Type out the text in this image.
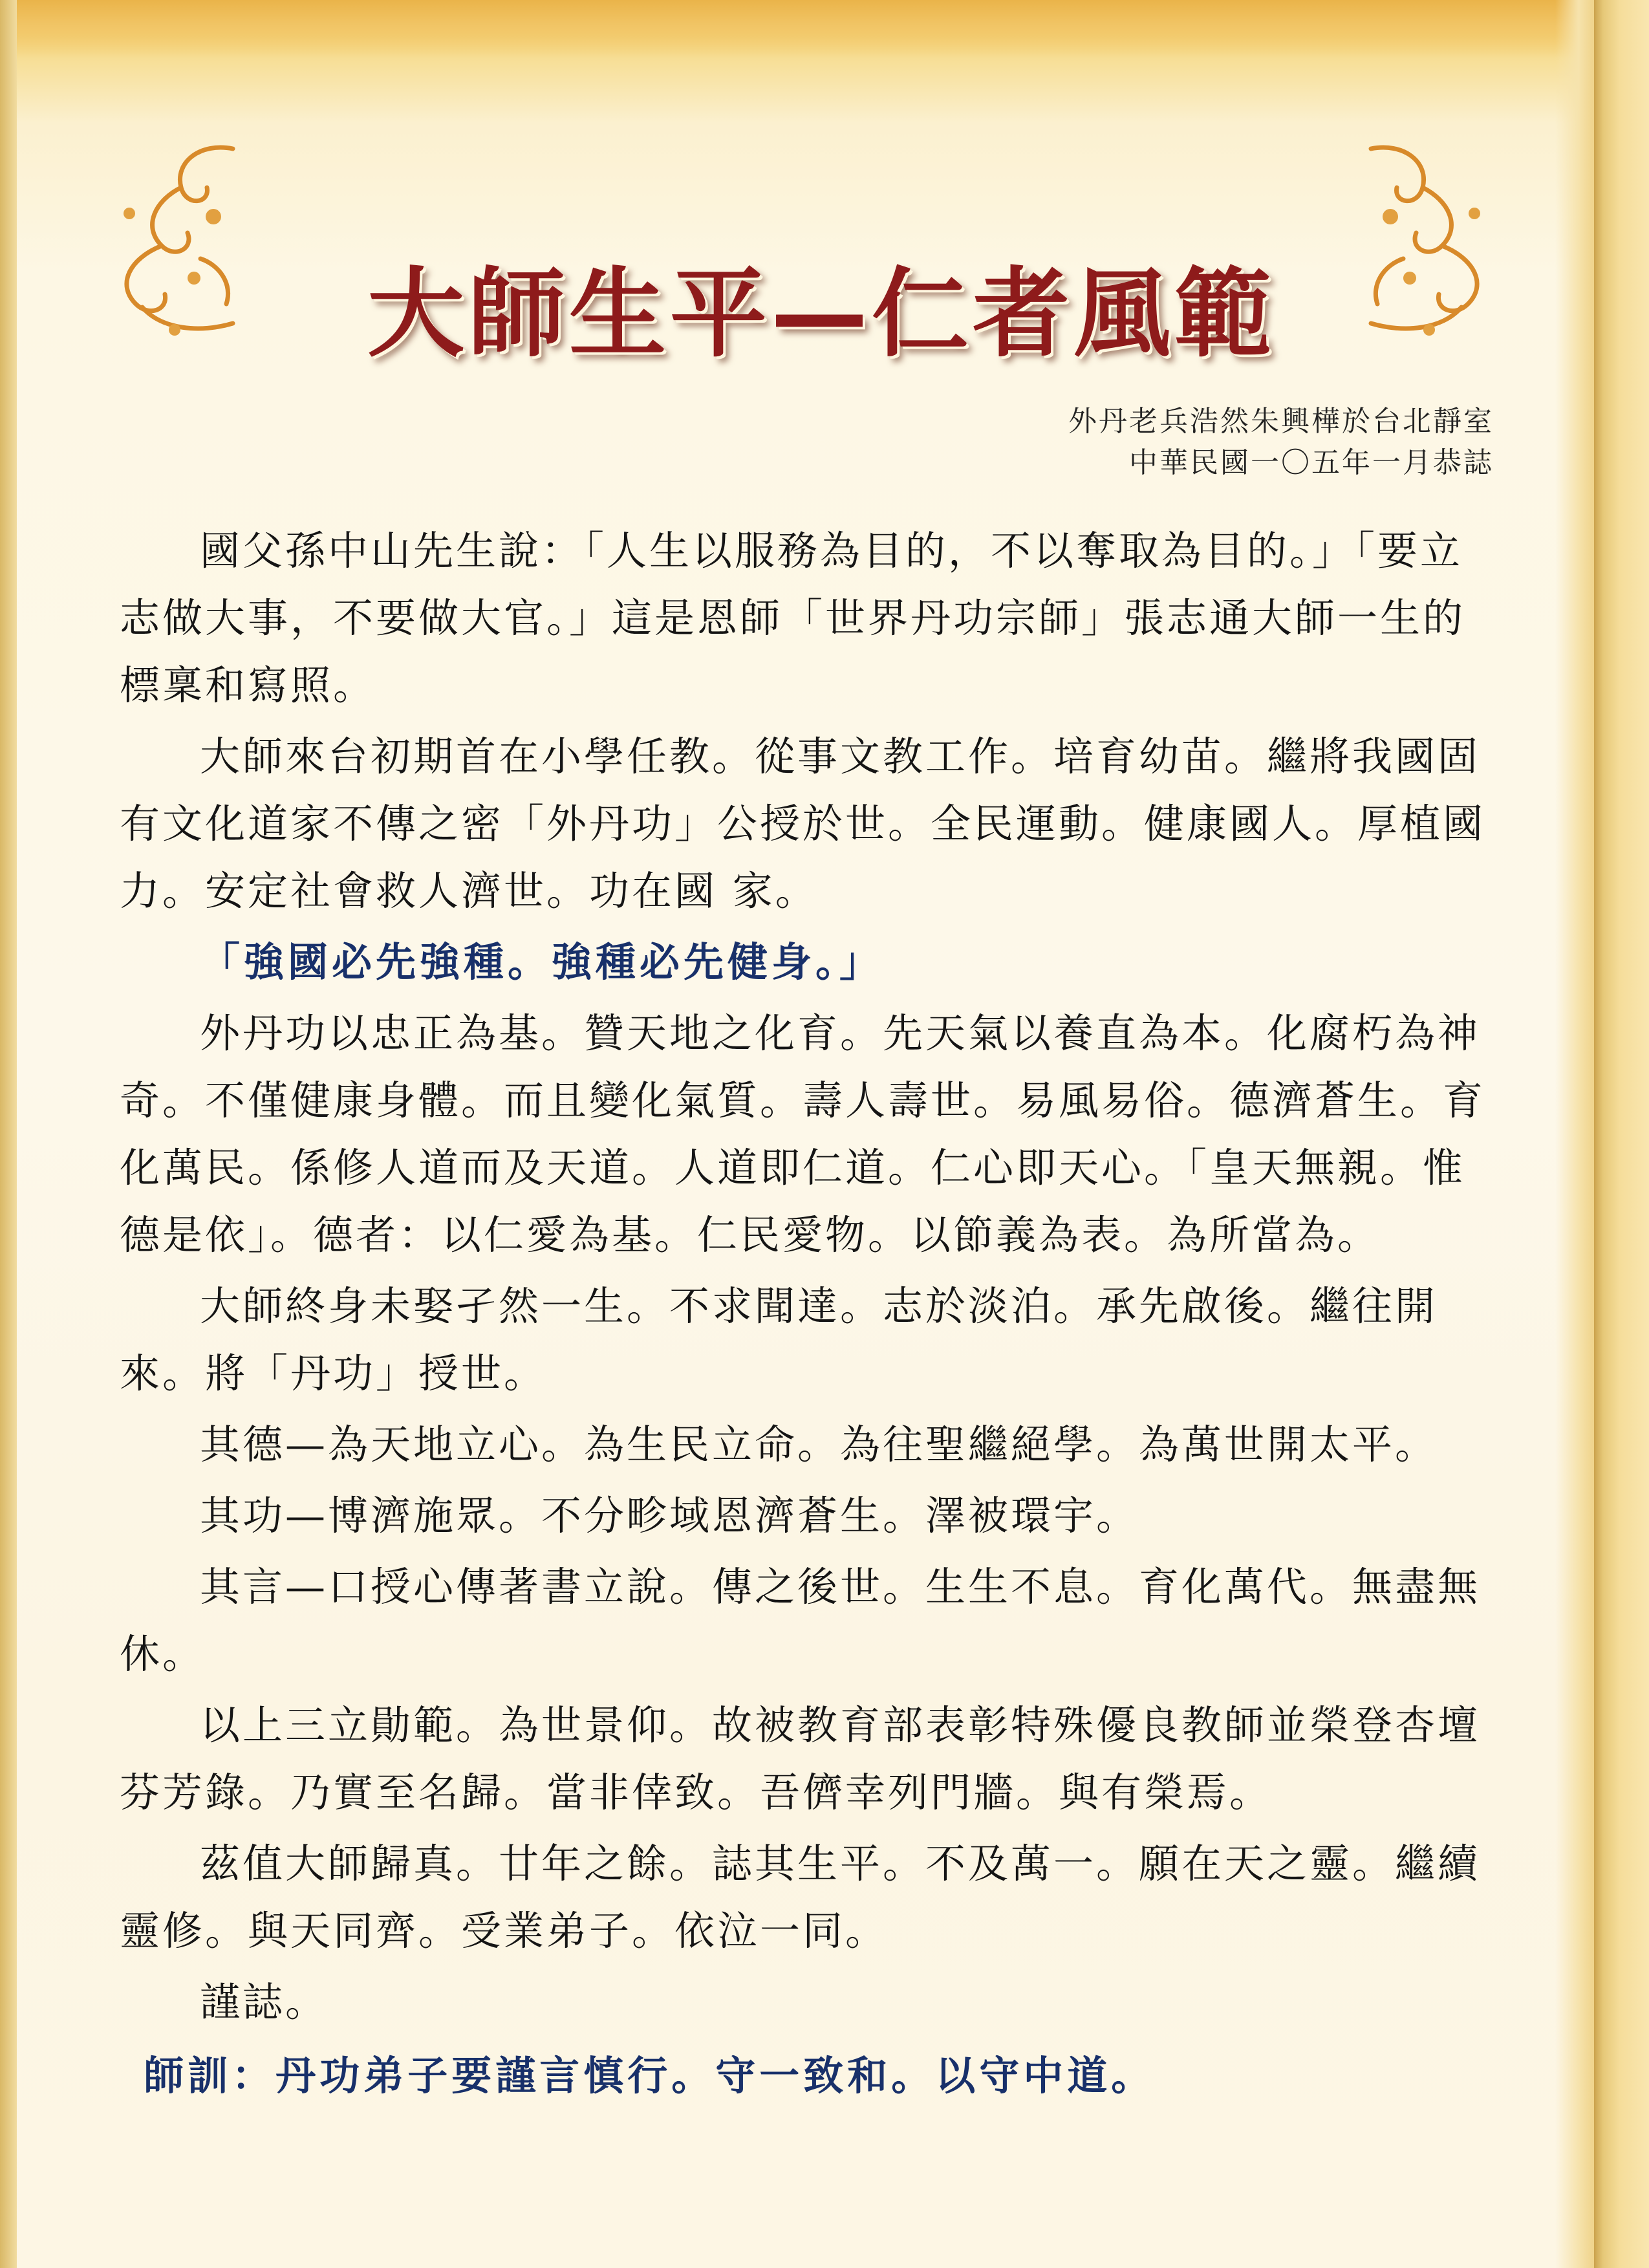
大師生平—仁者風範
外丹老兵浩然朱興樺於台北靜室
中華民國一〇五年一月恭誌

國父孫中山先生說：「人生以服務為目的，不以奪取為目的。」「要立志做大事，不要做大官。」這是恩師「世界丹功宗師」張志通大師一生的標稟和寫照。

大師來台初期首在小學任教。從事文教工作。培育幼苗。繼將我國固有文化道家不傳之密「外丹功」公授於世。全民運動。健康國人。厚植國力。安定社會救人濟世。功在國 家。

「強國必先強種。強種必先健身。」

外丹功以忠正為基。贊天地之化育。先天氣以養直為本。化腐朽為神奇。不僅健康身體。而且變化氣質。壽人壽世。易風易俗。德濟蒼生。育化萬民。係修人道而及天道。人道即仁道。仁心即天心。「皇天無親。惟德是依」。德者：以仁愛為基。仁民愛物。以節義為表。為所當為。

大師終身未娶孑然一生。不求聞達。志於淡泊。承先啟後。繼往開來。將「丹功」授世。

其德—為天地立心。為生民立命。為往聖繼絕學。為萬世開太平。

其功—博濟施眾。不分畛域恩濟蒼生。澤被環宇。

其言—口授心傳著書立說。傳之後世。生生不息。育化萬代。無盡無休。

以上三立勛範。為世景仰。故被教育部表彰特殊優良教師並榮登杏壇芬芳錄。乃實至名歸。當非倖致。吾儕幸列門牆。與有榮焉。

茲值大師歸真。廿年之餘。誌其生平。不及萬一。願在天之靈。繼續靈修。與天同齊。受業弟子。依泣一同。

謹誌。

師訓：丹功弟子要謹言慎行。守一致和。以守中道。
